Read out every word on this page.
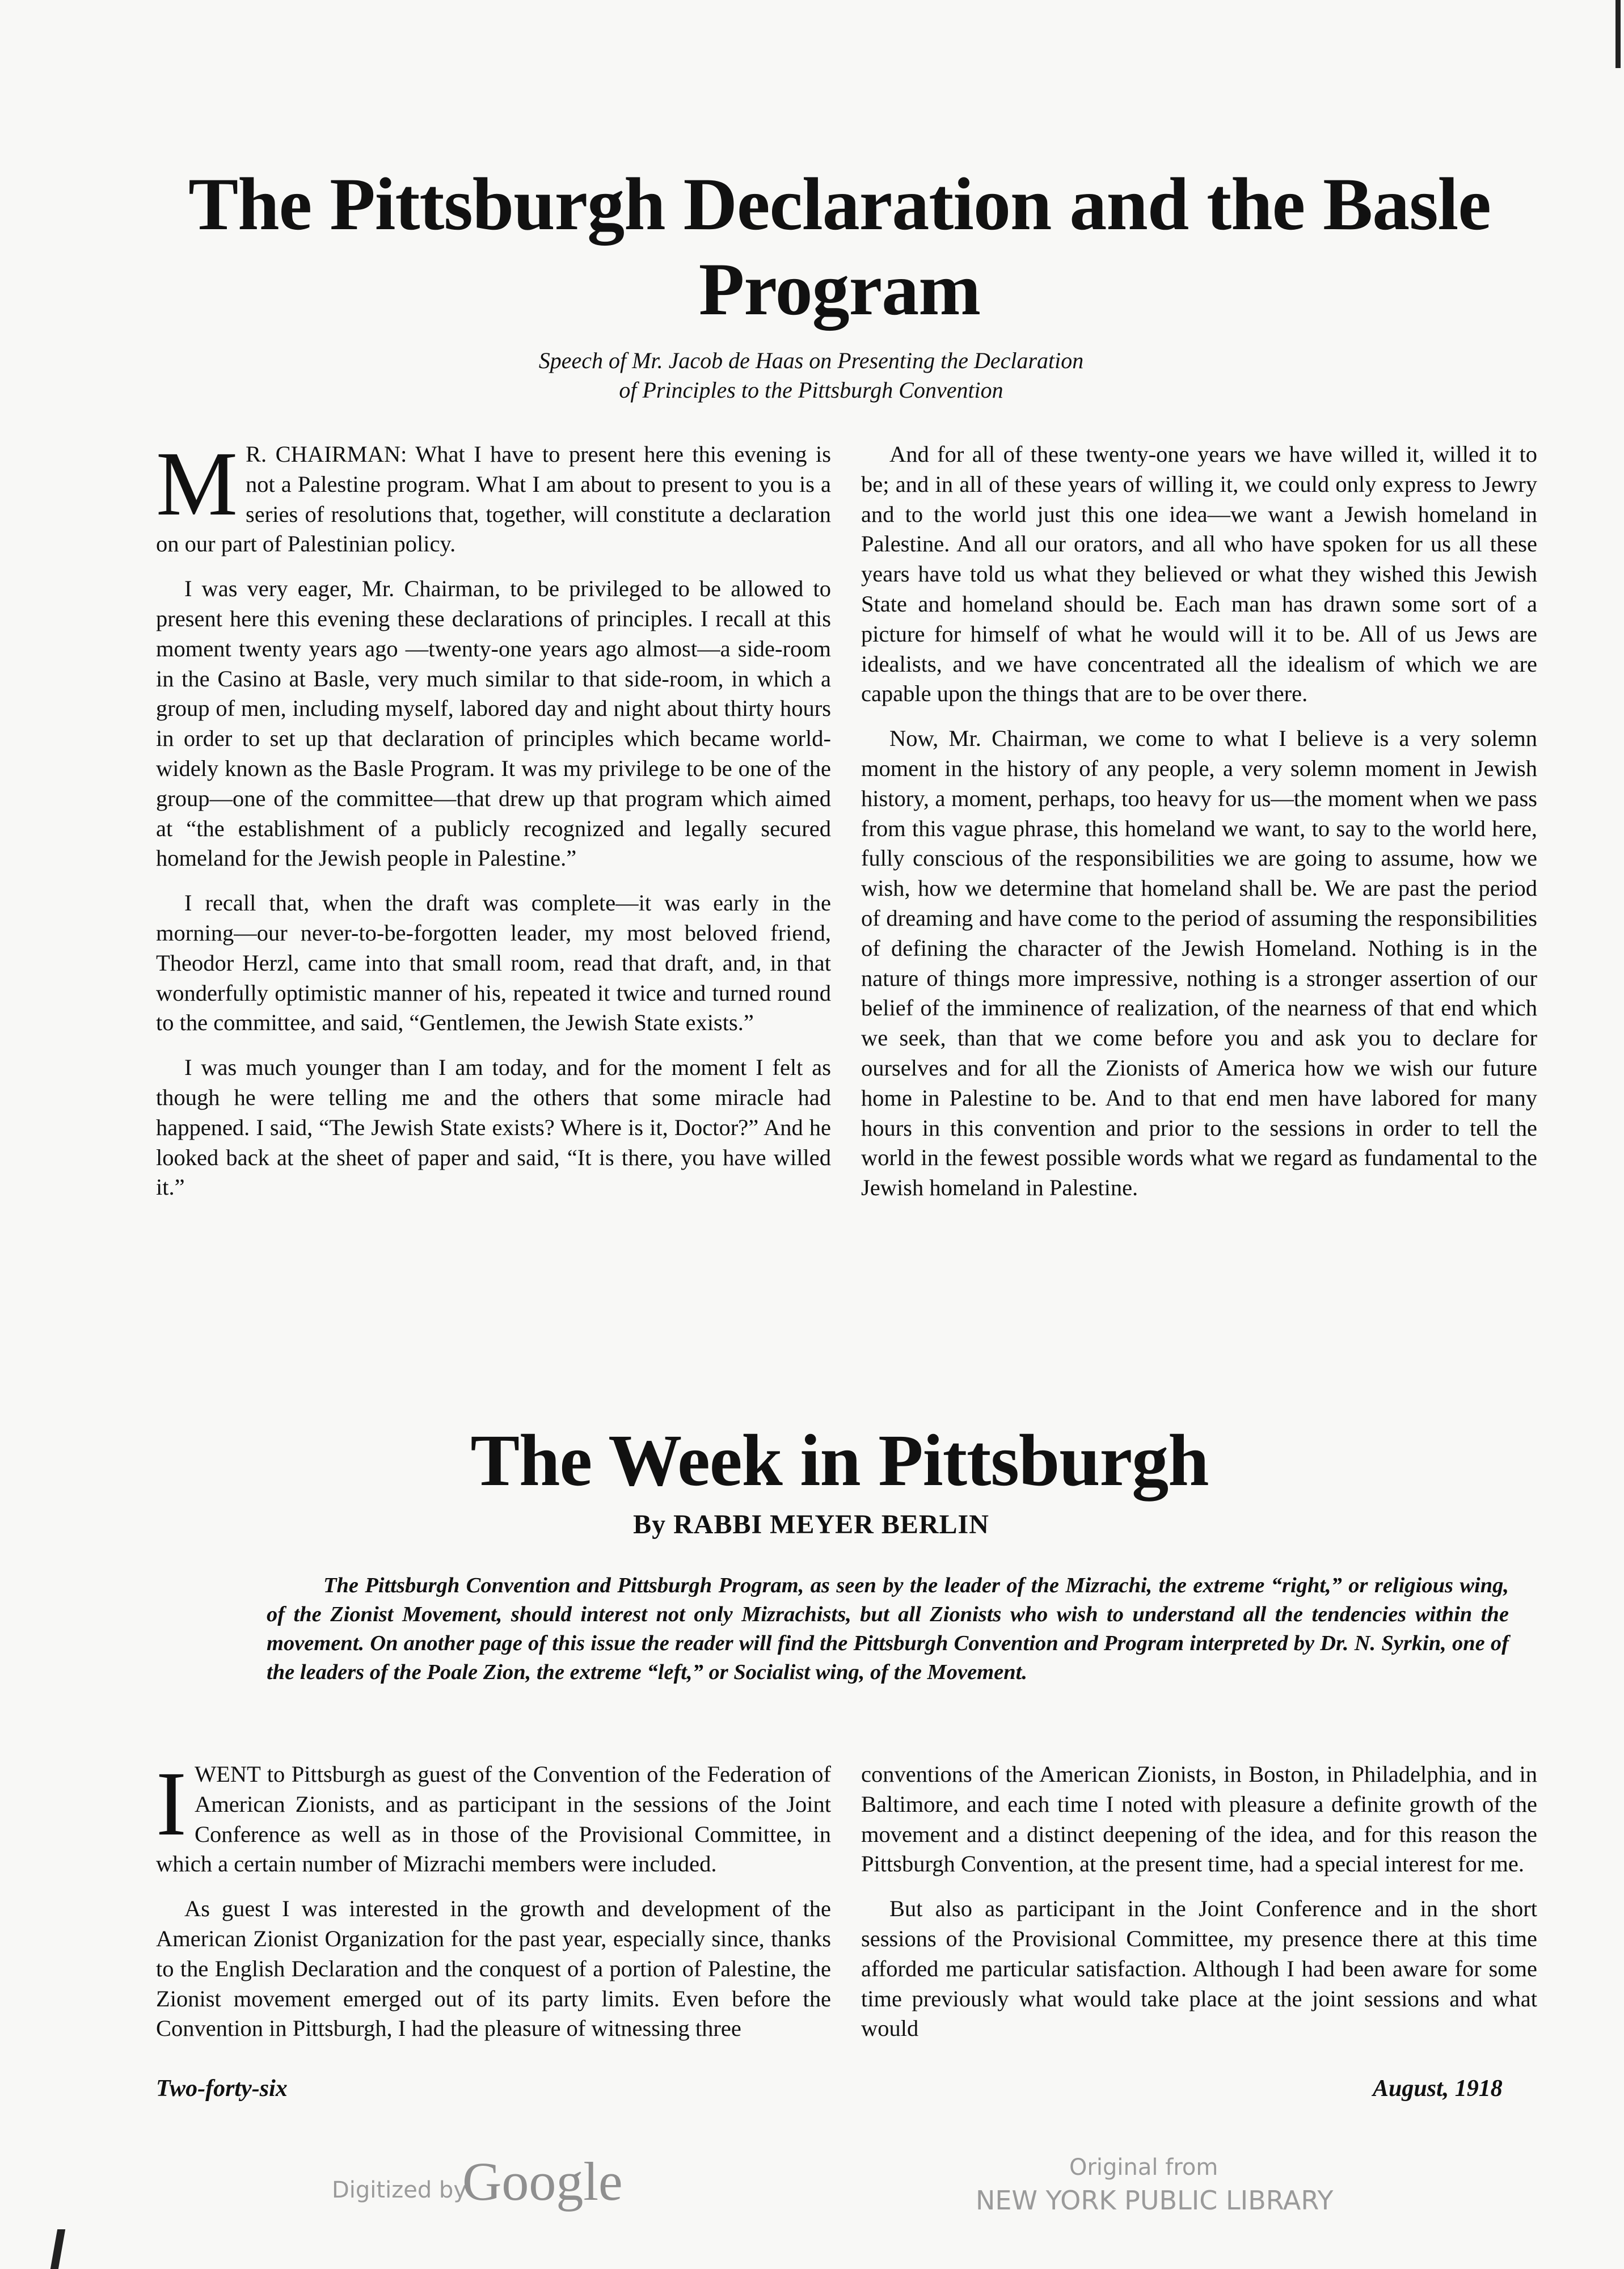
The Pittsburgh Declaration and the Basle Program
Speech of Mr. Jacob de Haas on Presenting the Declaration
of Principles to the Pittsburgh Convention

M R. CHAIRMAN: What I have to present here this evening is not a Palestine program. What I am about to present to you is a series of resolutions that, together, will constitute a declaration on our part of Palestinian policy.

I was very eager, Mr. Chairman, to be privileged to be allowed to present here this evening these declarations of principles. I recall at this moment twenty years ago —twenty-one years ago almost—a side-room in the Casino at Basle, very much similar to that side-room, in which a group of men, including myself, labored day and night about thirty hours in order to set up that declaration of principles which became world-widely known as the Basle Program. It was my privilege to be one of the group—one of the committee—that drew up that program which aimed at “the establishment of a publicly recognized and legally secured homeland for the Jewish people in Palestine.”

I recall that, when the draft was complete—it was early in the morning—our never-to-be-forgotten leader, my most beloved friend, Theodor Herzl, came into that small room, read that draft, and, in that wonderfully optimistic manner of his, repeated it twice and turned round to the committee, and said, “Gentlemen, the Jewish State exists.”

I was much younger than I am today, and for the moment I felt as though he were telling me and the others that some miracle had happened. I said, “The Jewish State exists? Where is it, Doctor?” And he looked back at the sheet of paper and said, “It is there, you have willed it.”

And for all of these twenty-one years we have willed it, willed it to be; and in all of these years of willing it, we could only express to Jewry and to the world just this one idea—we want a Jewish homeland in Palestine. And all our orators, and all who have spoken for us all these years have told us what they believed or what they wished this Jewish State and homeland should be. Each man has drawn some sort of a picture for himself of what he would will it to be. All of us Jews are idealists, and we have concentrated all the idealism of which we are capable upon the things that are to be over there.

Now, Mr. Chairman, we come to what I believe is a very solemn moment in the history of any people, a very solemn moment in Jewish history, a moment, perhaps, too heavy for us—the moment when we pass from this vague phrase, this homeland we want, to say to the world here, fully conscious of the responsibilities we are going to assume, how we wish, how we determine that homeland shall be. We are past the period of dreaming and have come to the period of assuming the responsibilities of defining the character of the Jewish Homeland. Nothing is in the nature of things more impressive, nothing is a stronger assertion of our belief of the imminence of realization, of the nearness of that end which we seek, than that we come before you and ask you to declare for ourselves and for all the Zionists of America how we wish our future home in Palestine to be. And to that end men have labored for many hours in this convention and prior to the sessions in order to tell the world in the fewest possible words what we regard as fundamental to the Jewish homeland in Palestine.

The Week in Pittsburgh
By RABBI MEYER BERLIN
The Pittsburgh Convention and Pittsburgh Program, as seen by the leader of the Mizrachi, the extreme “right,” or religious wing, of the Zionist Movement, should interest not only Mizrachists, but all Zionists who wish to understand all the tendencies within the movement. On another page of this issue the reader will find the Pittsburgh Convention and Program interpreted by Dr. N. Syrkin, one of the leaders of the Poale Zion, the extreme “left,” or Socialist wing, of the Movement.

IWENT to Pittsburgh as guest of the Convention of the Federation of American Zionists, and as participant in the sessions of the Joint Conference as well as in those of the Provisional Committee, in which a certain number of Mizrachi members were included.

As guest I was interested in the growth and development of the American Zionist Organization for the past year, especially since, thanks to the English Declaration and the conquest of a portion of Palestine, the Zionist movement emerged out of its party limits. Even before the Convention in Pittsburgh, I had the pleasure of witnessing three

conventions of the American Zionists, in Boston, in Philadelphia, and in Baltimore, and each time I noted with pleasure a definite growth of the movement and a distinct deepening of the idea, and for this reason the Pittsburgh Convention, at the present time, had a special interest for me.

But also as participant in the Joint Conference and in the short sessions of the Provisional Committee, my presence there at this time afforded me particular satisfaction. Although I had been aware for some time previously what would take place at the joint sessions and what would

Two-forty-six	August, 1918
Digitized by
Google	Original from
NEW YORK PUBLIC LIBRARY
